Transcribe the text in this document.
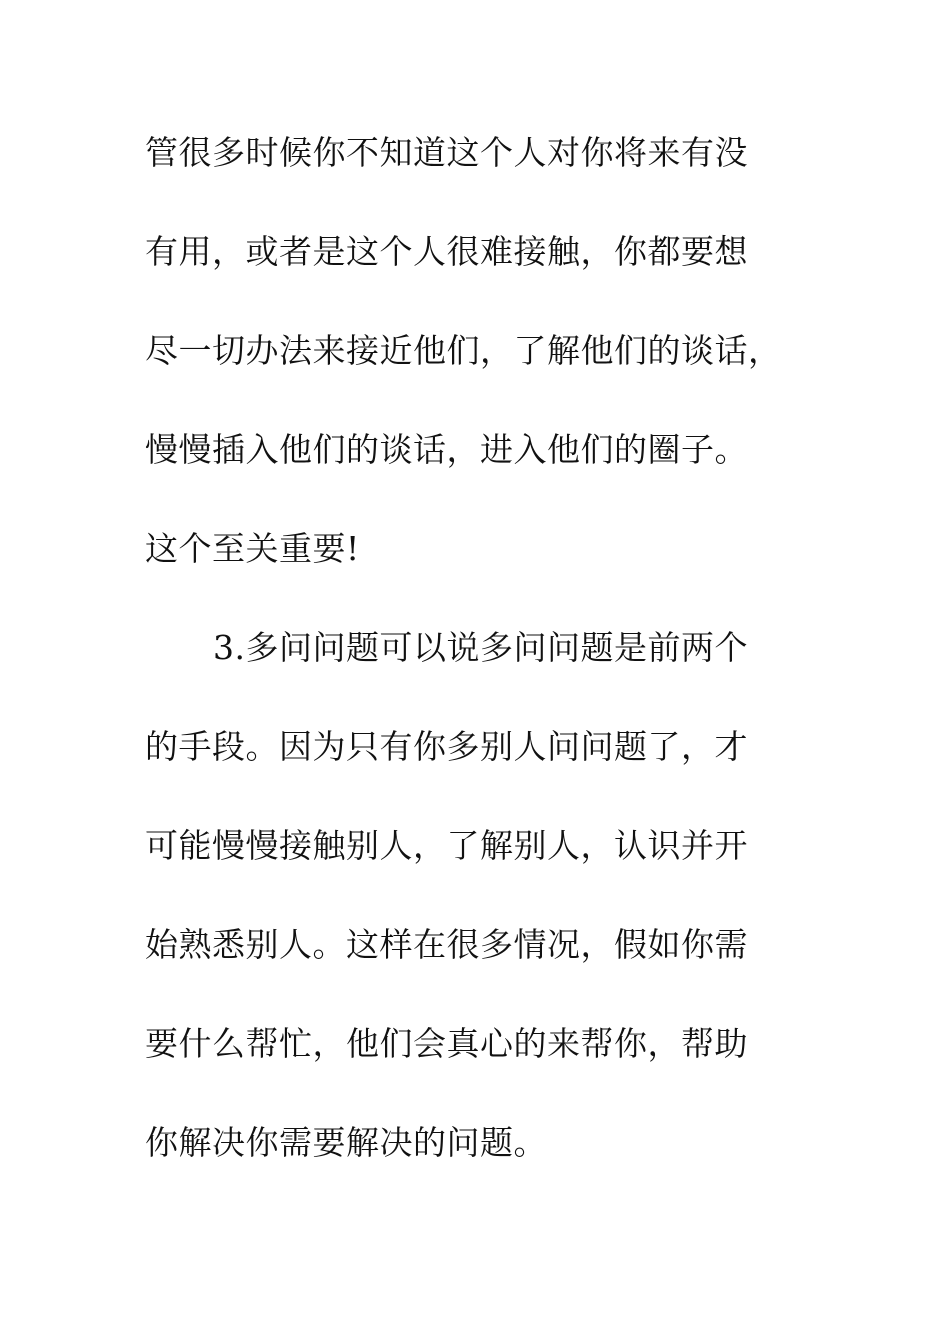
管很多时候你不知道这个人对你将来有没
有用，或者是这个人很难接触，你都要想
尽一切办法来接近他们，了解他们的谈话，
慢慢插入他们的谈话，进入他们的圈子。
这个至关重要!
3.多问问题可以说多问问题是前两个
的手段。因为只有你多别人问问题了，才
可能慢慢接触别人，了解别人，认识并开
始熟悉别人。这样在很多情况，假如你需
要什么帮忙，他们会真心的来帮你，帮助
你解决你需要解决的问题。
